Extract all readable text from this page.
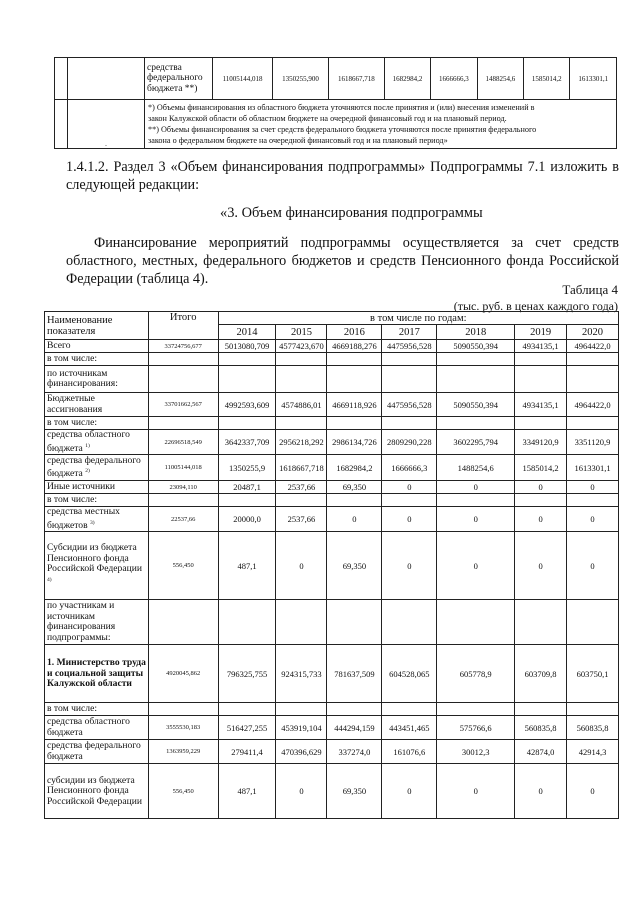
		средства федерального бюджета **)	11005144,018	1350255,900	1618667,718	1682984,2	1666666,3	1488254,6	1585014,2	1613301,1
	.	*) Объемы финансирования из областного бюджета уточняются после принятия и (или) внесения изменений в
закон Калужской области об областном бюджете на очередной финансовый год и на плановый период.
**) Объемы финансирования за счет средств федерального бюджета уточняются после принятия федерального
закона о федеральном бюджете на очередной финансовый год и на плановый период»								
1.4.1.2. Раздел 3 «Объем финансирования подпрограммы» Подпрограммы 7.1 изложить в следующей редакции:
«3. Объем финансирования подпрограммы
Финансирование мероприятий подпрограммы осуществляется за счет средств областного, местных, федерального бюджетов и средств Пенсионного фонда Российской Федерации (таблица 4).
Таблица 4
(тыс. руб. в ценах каждого года)
Наименование показателя	Итого	в том числе по годам:						
		2014	2015	2016	2017	2018	2019	2020
Всего	33724756,677	5013080,709	4577423,670	4669188,276	4475956,528	5090550,394	4934135,1	4964422,0
в том числе:								
по источникам финансирования:								
Бюджетные ассигнования	33701662,567	4992593,609	4574886,01	4669118,926	4475956,528	5090550,394	4934135,1	4964422,0
в том числе:								
средства областного бюджета $^{1)}$	22696518,549	3642337,709	2956218,292	2986134,726	2809290,228	3602295,794	3349120,9	3351120,9
средства федерального бюджета $^{2)}$	11005144,018	1350255,9	1618667,718	1682984,2	1666666,3	1488254,6	1585014,2	1613301,1
Иные источники	23094,110	20487,1	2537,66	69,350	0	0	0	0
в том числе:								
средства местных бюджетов $^{3)}$	22537,66	20000,0	2537,66	0	0	0	0	0
Субсидии из бюджета Пенсионного фонда Российской Федерации $^{4)}$	556,450	487,1	0	69,350	0	0	0	0
по участникам и источникам финансирования подпрограммы:								
1. Министерство труда и социальной защиты Калужской области	4920045,862	796325,755	924315,733	781637,509	604528,065	605778,9	603709,8	603750,1
в том числе:								
средства областного бюджета	3555530,183	516427,255	453919,104	444294,159	443451,465	575766,6	560835,8	560835,8
средства федерального бюджета	1363959,229	279411,4	470396,629	337274,0	161076,6	30012,3	42874,0	42914,3
субсидии из бюджета Пенсионного фонда Российской Федерации	556,450	487,1	0	69,350	0	0	0	0
